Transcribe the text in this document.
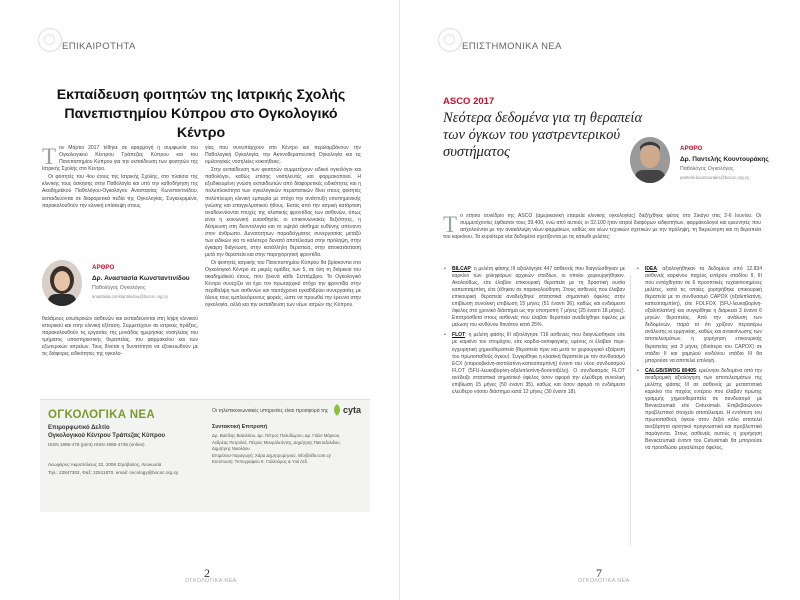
ΕΠΙΚΑΙΡΟΤΗΤΑ
Εκπαίδευση φοιτητών της Ιατρικής Σχολής Πανεπιστημίου Κύπρου στο Ογκολογικό Κέντρο
Τ ον Μάρτιο 2017 τέθηκε σε εφαρμογή η συμφωνία του Ογκολογικού Κέντρου Τράπεζας Κύπρου και του Πανεπιστημίου Κύπρου για την εκπαίδευση των φοιτητών της Ιατρικής Σχολής στο Κέντρο.

Οι φοιτητές του 4ου έτους της Ιατρικής Σχολής, στο πλαίσιο της κλινικής τους άσκησης στην Παθολογία και υπό την καθοδήγηση της Ακαδημαϊκού Παθολόγου-Ογκολόγου Αναστασίας Κωνσταντινίδου, εκπαιδεύονται σε διαφορετικά πεδία της Ογκολογίας. Συγκεκριμένα, παρακολουθούν την κλινική επίσκεψη στους

ΑΡΘΡΟ
Δρ. Αναστασία Κωνσταντινίδου
Παθολόγος Ογκολόγος
anastasia.constantinidou@bococ.org.cy

θαλάμους εσωτερικών ασθενών και εκπαιδεύονται στη λήψη κλινικού ιστορικού και στην κλινική εξέταση. Συμμετέχουν σε ιατρικές πράξεις, παρακολουθούν τις εργασίες της μονάδας ημερήσιας νοσηλείας του τμήματος υποστηρικτικής θεραπείας, του φαρμακείου και των εξωτερικών ιατρείων. Τους δίνεται η δυνατότητα να εξοικειωθούν με τις διάφορες ειδικότητες της ογκολο-

γίας που συνυπάρχουν στο Κέντρο και περιλαμβάνουν την Παθολογική Ογκολογία, την Ακτινοθεραπευτική Ογκολογία και τις ομιλοογικές νοσηλείες κοκοήθειες.

Στην εκπαίδευση των φοιτητών συμμετέχουν ειδικοί ογκολόγοι και παθολόγοι, καθώς επίσης νοσηλευτές και φαρμακοποιοί. Η εξειδικευμένη γνώση εκπαιδευτών από διαφορετικές ειδικότητες και η πολυπλοκότητα των ογκολογικών περιστατικών δίνει στους φοιτητές πολύπλευρη κλινική εμπειρία με στόχο την ανάπτυξη επιστημονικής γνώσης και επαγγελματικού ήθους. Εκτός από την ιατρική κατάρτιση αναδεικνύονται πτυχές της ολιστικής φροντίδας των ασθενών, όπως είναι η κοινωνική ευαισθησία, οι επικοινωνιακές δεξιότητες, η δέσμευση στη δεοντολογία και το υψηλό αίσθημα ευθύνης απέναντι στον άνθρωπο. Δυνατοτήτων παραδείγματος συνεργασίας μεταξύ των ειδικών για το καλύτερο δυνατό αποτέλεσμα στην πρόληψη, στην έγκαιρη διάγνωση, στην κατάλληλη θεραπεία, στην αποκατάσταση μετά την θεραπεία και στην παρηγορητική φροντίδα.

Οι φοιτητές ιατρικής του Πανεπιστημίου Κύπρου θα βρίσκονται στο Ογκολογικό Κέντρο σε μικρές ομάδες των 5, σε όλη τη διάρκεια του ακαδημαϊκού έτους, που ξεκινά κάθε Σεπτέμβριο. Το Ογκολογικό Κέντρο συνεχίζει να έχει τον πρωταρχικό στόχο την φροντίδα στην περίθαλψη των ασθενών και ταυτόχρονα εγκαθιδρύει συνεργασίες με όλους τους εμπλεκόμενους φορείς, ώστε να προωθεί την έρευνα στην ογκολογία, αλλά και την εκπαίδευση των νέων ιατρών της Κύπρου.

ΟΓΚΟΛΟΓΙΚΑ ΝΕΑ
Επιμορφωτικό Δελτίο
Ογκολογικού Κέντρου Τράπεζας Κύπρου
ISSN 1986-478 (print) ISSN 1986-4736 (online)
Λεωφόρος Ακροπόλεως 32, 2006 Στρόβολος, Λευκωσία
Τηλ.: 22847302, Φαξ: 22511870, email: oncology@bococ.org.cy
Οι τηλεπικοινωνιακές υπηρεσίες είναι προσφορά της cyta
Συντακτική Επιτροπή
Δρ. Βασίλης Βασιλείου, Δρ. Πέτρος Πολυδώρου, Δρ. Γιάλο Μάρκου,
Ανδρέας Πετρολιό, Πέτρος Μαυρόλεόντης, Δημήτρης Πανταζολιδου,
Δημήτρης Νικολάου
Επιμέλεια-παραγωγή: Χάρα Δημητρομηνιού, info@alfa.com.cy
Εκτύπωση: Τυπογραφείο Κ. Γαλλούρος & Υιοί Λτδ.
2
ΟΓΚΟΛΟΓΙΚΑ ΝΕΑ
ΕΠΙΣΤΗΜΟΝΙΚΑ ΝΕΑ
ASCO 2017
Νεότερα δεδομένα για τη θεραπεία των όγκων του γαστρεντερικού συστήματος	ΑΡΘΡΟ
Δρ. Παντελής Κουντουράκης
Παθολόγος Ογκολόγος
pantelis.kountourakis@bococ.org.cy
Τ ο ετήσιο συνέδριο της ASCO (αμερικανική εταιρεία κλινικής ογκολογίας) διεξήχθηκε φέτος στο Σικάγο στις 2-6 Ιουνίου. Οι συμμετέχοντες έφθασαν τους 39.400, ενώ από αυτούς οι 32.100 ήταν ιατροί διαφόρων ειδικοτήτων, φαρμακολογοί και ερευνητές που ασχολούνται με την ανακάλυψη νέων φαρμάκων, καθώς και νέων τεχνικών σχετικών με την πρόληψη, τη διερεύνηση και τη θεραπεία του καρκίνου. Τα κυριότερα νέα δεδομένα σχετίζονται με τις κάτωθι μελέτες:

• BILCAP: η μελέτη φάσης III αξιολόγησε 447 ασθενείς που διαγνώσθηκαν με καρκίνο των χοληφόρων αρχικών σταδίων, οι οποίοι χειρουργήθηκαν. Ακολούθως, είτε έλαβαν επικουρική θεραπεία με τη δραστική ουσία καπεσιταμπίνη, είτε (έθηκαν σε παρακολούθηση. Στους ασθενείς που έλαβαν επικουρική θεραπεία αναδείχθηκε στατιστικά σημαντικό όφελος στην επιβίωση συνολική επιβίωση 15 μήνες (51 έναντι 36), καθώς και ενδιάμεσο όφελος στο χρονικό διάστημα ως την υποτροπή 7 μήνες (25 έναντι 18 μήνες). Επιπρόσθετα στους ασθενείς που έλαβαν θεραπεία αναδείχθηκε όφελος με μείωση του κινδύνου θανάτου κατά 25%.
• FLOT: η μελέτη φάσης III αξιολόγησε 716 ασθενείς που διαγνώσθηκαν είτε με καρκίνο του στομάχου, είτε καρδιο-οισοφαγικής υμένας οι έλαβαν περι-εγχειρητική χημειοθεραπεία (θεραπεία πριν και μετά το χειρουργικό εξαίρεση του πρωτοπαθούς όγκου). Συγκρίθηκε η κλασική θεραπεία με τον συνδυασμό ECX (επιρουβικίνη-σισπλατίνη-καπεσιταμπίνη) έναντι του νέου συνδυασμού FLOT (5FU-λευκοβορίνη-οξαλιπλατίνη-δοσεταξέλη). Ο συνδυασμός FLOT ανέδειξε στατιστικά σημαντικό όφελος όσον αφορά την ελεύθερη συνολική επιβίωση 15 μήνες (50 έναντι 35), καθώς και όσον αφορά το ενδιάμεσο ελεύθερο νόσου διάστημα κατά 12 μήνες (30 έναντι 18).
• IDEA: αξιολογήθηκαν τα δεδομένα από 12.834 ασθενείς καρκίνου παχέος εντέρου σταδίου II, III που εντάχθησαν σε 6 προοπτικές τυχαιοποιημένες μελέτες, κατά τις οποίες χορηγήθηκε επικουρική θεραπεία με το συνδυασμό CAPOX (οξαλιπλατίνη, καπεσιταμπίνη), είτε FOLFOX (5FU-λευκοβορίνη-οξαλιπλατίνη) και συγκρίθηκε η διάρκεια 3 έναντι 6 μηνών θεραπείας. Από την ανάλυση των δεδομένων, παρά το ότι χρίζουν περαιτέρω ανάλυσης κι ερμηνείας, καθώς και ανακοίνωσης των αποτελεσμάτων, η χορήγηση επικουρικής θεραπείας για 3 μήνες (ιδιαίτερα του CAPOX) σε στάδιο II και χαμηλού κινδύνου στάδιο III θα μπορούσε να αποτελεί επιλογή.
• CALGB/SWOG 80405: ερεύνησε δεδομένα από την αναδρομική αξιολόγηση των αποτελεσμάτων της μελέτης φάσης III σε ασθενείς με μεταστατικό καρκίνο του παχέος εντέρου που έλαβαν πρώτης γραμμής χημειοθεραπεία σε συνδυασμό με Bevacizumab είτε Cetuximab. Επιβεβαιώνουν προβλεπτικό στοιχείο αποτέλεσμα. Η εντόπιση του πρωτοπαθούς όγκου στον δεξιό κόλο αποτελεί ανεξάρτητο αρνητικό προγνωστικό και προβλεπτικό παράγοντα. Στους ασθενείς αυτούς η χορήγηση Bevacizumab έναντι του Cetuximab θα μπορούσε να προσδώσει μεγαλύτερο όφελος.
7
ΟΓΚΟΛΟΓΙΚΑ ΝΕΑ
